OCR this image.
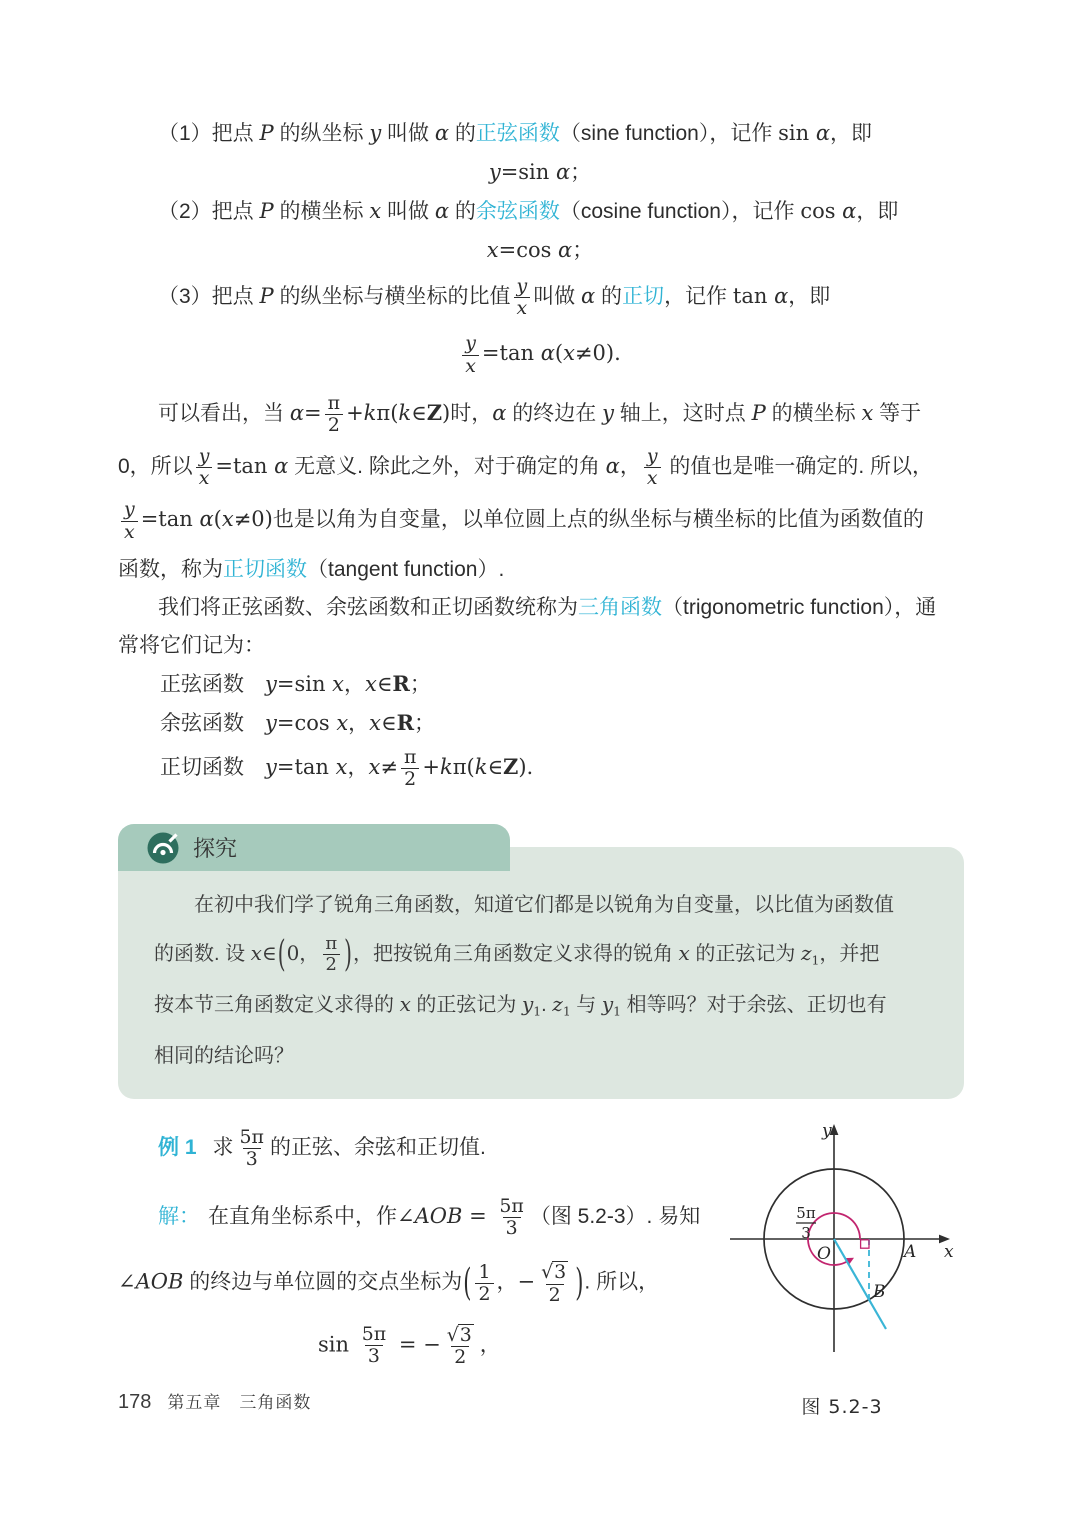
（1）把点 P 的纵坐标 y 叫做 α 的正弦函数（sine function），记作 sin α，即
y=sin α；
（2）把点 P 的横坐标 x 叫做 α 的余弦函数（cosine function），记作 cos α，即
x=cos α；
（3）把点 P 的纵坐标与横坐标的比值 $\frac{y}{x}$ 叫做 α 的正切，记作 tan α，即
$\frac{y}{x} =\tan$ α(x≠0).
可以看出，当 $\alpha= \frac{\pi}{2}$ +kπ(k∈Z)时，α 的终边在 y 轴上，这时点 P 的横坐标 x 等于
0，所以 $\frac{y}{x} =\tan$ α 无意义. 除此之外，对于确定的角 α， $\frac{y}{x}$ 的值也是唯一确定的. 所以，
$\frac{y}{x} =\tan$ α(x≠0)也是以角为自变量，以单位圆上点的纵坐标与横坐标的比值为函数值的
函数，称为正切函数（tangent function）.
我们将正弦函数、余弦函数和正切函数统称为三角函数（trigonometric function），通
常将它们记为：
正弦函数　y=sin x，x∈R；
余弦函数　y=cos x，x∈R；
正切函数　y=tan x，$x\ne \frac{\pi}{2}$ +kπ(k∈Z).
探究
在初中我们学了锐角三角函数，知道它们都是以锐角为自变量，以比值为函数值
的函数. 设 x∈(0， $\frac{\pi}{2}$ )，把按锐角三角函数定义求得的锐角 x 的正弦记为 $z_1$，并把
按本节三角函数定义求得的 x 的正弦记为 $y_1$. $z_1$ 与 $y_1$ 相等吗？对于余弦、正切也有
相同的结论吗？
5π
3
y
x
O	A
B
图 5.2-3
例 1 求 $\frac{5\pi}{3}$ 的正弦、余弦和正切值.
解： 在直角坐标系中，作∠AOB = $\frac{5\pi}{3}$ （图 5.2-3）. 易知
∠AOB 的终边与单位圆的交点坐标为( $\frac{1}{2}$ ，− $\frac{√ 3}{2}$ ). 所以，
$\sin \frac{5\pi}{3}$ = − $\frac{√ 3}{2}$ ，
178 第五章　三角函数
